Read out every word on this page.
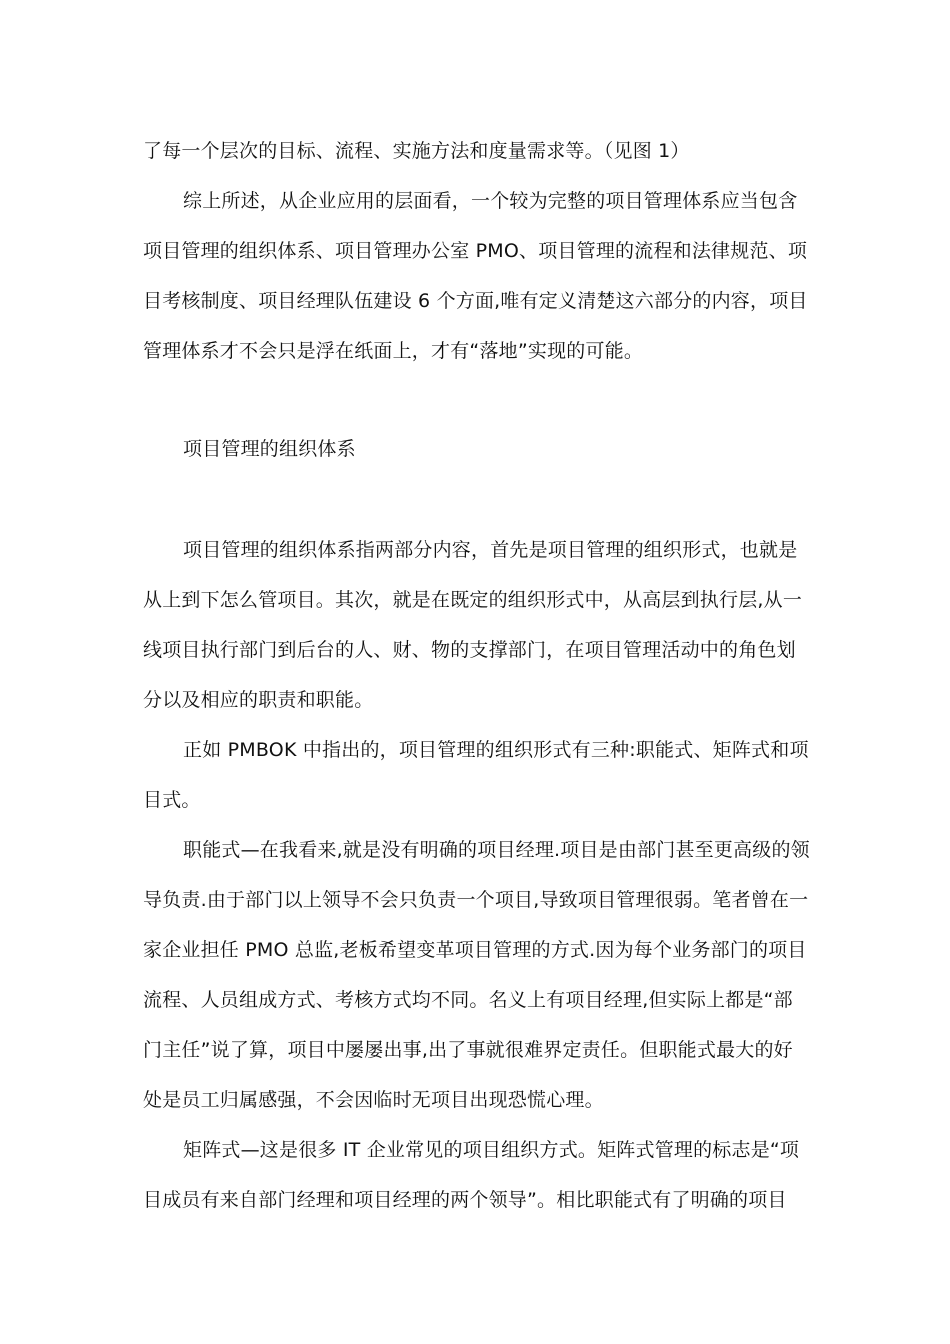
了每一个层次的目标、流程、实施方法和度量需求等。（见图 1）
综上所述，从企业应用的层面看，一个较为完整的项目管理体系应当包含
项目管理的组织体系、项目管理办公室 PMO、项目管理的流程和法律规范、项
目考核制度、项目经理队伍建设 6 个方面,唯有定义清楚这六部分的内容，项目
管理体系才不会只是浮在纸面上，才有“落地”实现的可能。
项目管理的组织体系
项目管理的组织体系指两部分内容，首先是项目管理的组织形式，也就是
从上到下怎么管项目。其次，就是在既定的组织形式中，从高层到执行层,从一
线项目执行部门到后台的人、财、物的支撑部门，在项目管理活动中的角色划
分以及相应的职责和职能。
正如 PMBOK 中指出的，项目管理的组织形式有三种:职能式、矩阵式和项
目式。
职能式—在我看来,就是没有明确的项目经理.项目是由部门甚至更高级的领
导负责.由于部门以上领导不会只负责一个项目,导致项目管理很弱。笔者曾在一
家企业担任 PMO 总监,老板希望变革项目管理的方式.因为每个业务部门的项目
流程、人员组成方式、考核方式均不同。名义上有项目经理,但实际上都是“部
门主任”说了算，项目中屡屡出事,出了事就很难界定责任。但职能式最大的好
处是员工归属感强，不会因临时无项目出现恐慌心理。
矩阵式—这是很多 IT 企业常见的项目组织方式。矩阵式管理的标志是“项
目成员有来自部门经理和项目经理的两个领导”。相比职能式有了明确的项目
